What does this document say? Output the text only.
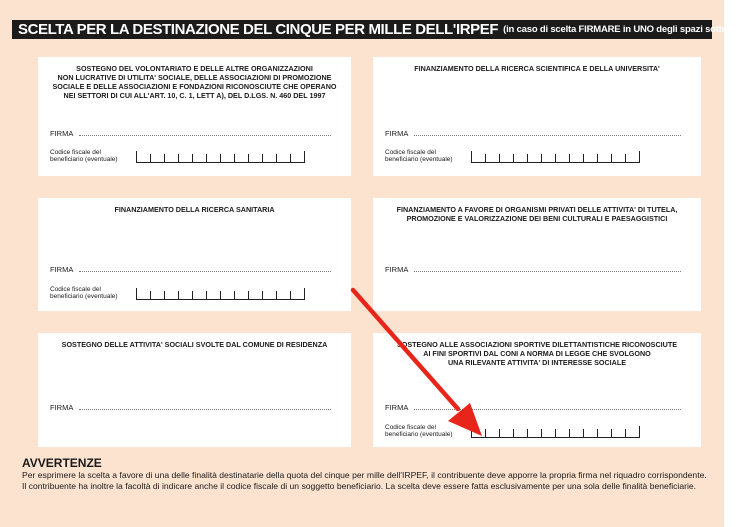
SCELTA PER LA DESTINAZIONE DEL CINQUE PER MILLE DELL'IRPEF (in caso di scelta FIRMARE in UNO degli spazi sottostanti)
SOSTEGNO DEL VOLONTARIATO E DELLE ALTRE ORGANIZZAZIONI
NON LUCRATIVE DI UTILITA' SOCIALE, DELLE ASSOCIAZIONI DI PROMOZIONE
SOCIALE E DELLE ASSOCIAZIONI E FONDAZIONI RICONOSCIUTE CHE OPERANO
NEI SETTORI DI CUI ALL'ART. 10, C. 1, LETT A), DEL D.LGS. N. 460 DEL 1997
FIRMA
Codice fiscale del
beneficiario (eventuale)
FINANZIAMENTO DELLA RICERCA SCIENTIFICA E DELLA UNIVERSITA'
FIRMA
Codice fiscale del
beneficiario (eventuale)
FINANZIAMENTO DELLA RICERCA SANITARIA
FIRMA
Codice fiscale del
beneficiario (eventuale)
FINANZIAMENTO A FAVORE DI ORGANISMI PRIVATI DELLE ATTIVITA' DI TUTELA,
PROMOZIONE E VALORIZZAZIONE DEI BENI CULTURALI E PAESAGGISTICI
FIRMA
SOSTEGNO DELLE ATTIVITA' SOCIALI SVOLTE DAL COMUNE DI RESIDENZA
FIRMA
SOSTEGNO ALLE ASSOCIAZIONI SPORTIVE DILETTANTISTICHE RICONOSCIUTE
AI FINI SPORTIVI DAL CONI A NORMA DI LEGGE CHE SVOLGONO
UNA RILEVANTE ATTIVITA' DI INTERESSE SOCIALE
FIRMA
Codice fiscale del
beneficiario (eventuale)
AVVERTENZE
Per esprimere la scelta a favore di una delle finalità destinatarie della quota del cinque per mille dell'IRPEF, il contribuente deve apporre la propria firma nel riquadro corrispondente. Il contribuente ha inoltre la facoltà di indicare anche il codice fiscale di un soggetto beneficiario. La scelta deve essere fatta esclusivamente per una sola delle finalità beneficiarie.
